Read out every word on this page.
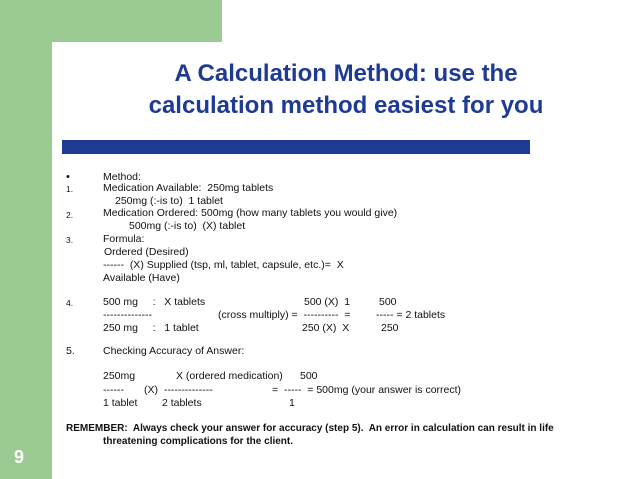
A Calculation Method: use the
calculation method easiest for you
•	Method:
1.	Medication Available:  250mg tablets
250mg (:-is to)  1 tablet
2.	Medication Ordered: 500mg (how many tablets you would give)
500mg (:-is to)  (X) tablet
3.	Formula:
Ordered (Desired)
------  (X) Supplied (tsp, ml, tablet, capsule, etc.)=  X
Available (Have)
4.	500 mg     :   X tablets	500 (X)  1	500
--------------	(cross multiply) =  ----------  = ----- = 2 tablets
250 mg     :   1 tablet	250 (X)  X	250
5.	Checking Accuracy of Answer:
250mg	X (ordered medication) 500
------ (X)  --------------	=  -----  = 500mg (your answer is correct)
1 tablet 2 tablets	1
REMEMBER:  Always check your answer for accuracy (step 5).  An error in calculation can result in life
threatening complications for the client.
9
